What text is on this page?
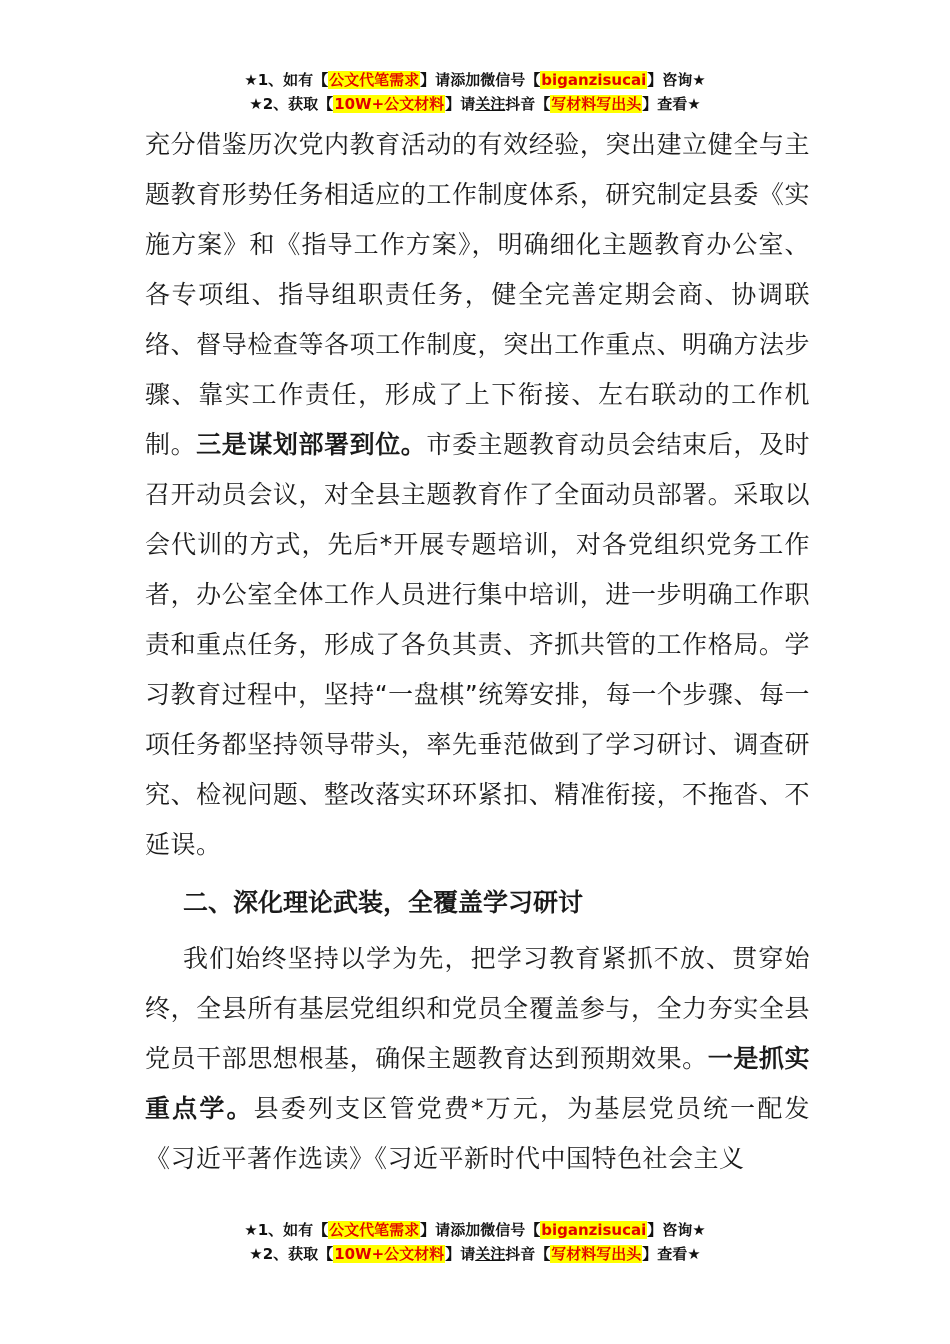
★1、如有【公文代笔需求】请添加微信号【biganzisucai】咨询★
★2、获取【10W+公文材料】请关注抖音【写材料写出头】查看★

充分借鉴历次党内教育活动的有效经验，突出建立健全与主题教育形势任务相适应的工作制度体系，研究制定县委《实施方案》和《指导工作方案》，明确细化主题教育办公室、各专项组、指导组职责任务，健全完善定期会商、协调联络、督导检查等各项工作制度，突出工作重点、明确方法步骤、靠实工作责任，形成了上下衔接、左右联动的工作机制。三是谋划部署到位。市委主题教育动员会结束后，及时召开动员会议，对全县主题教育作了全面动员部署。采取以会代训的方式，先后*开展专题培训，对各党组织党务工作者，办公室全体工作人员进行集中培训，进一步明确工作职责和重点任务，形成了各负其责、齐抓共管的工作格局。学习教育过程中，坚持“一盘棋”统筹安排，每一个步骤、每一项任务都坚持领导带头，率先垂范做到了学习研讨、调查研究、检视问题、整改落实环环紧扣、精准衔接，不拖沓、不延误。

二、深化理论武装，全覆盖学习研讨

我们始终坚持以学为先，把学习教育紧抓不放、贯穿始终，全县所有基层党组织和党员全覆盖参与，全力夯实全县党员干部思想根基，确保主题教育达到预期效果。一是抓实重点学。县委列支区管党费*万元，为基层党员统一配发《习近平著作选读》《习近平新时代中国特色社会主义

★1、如有【公文代笔需求】请添加微信号【biganzisucai】咨询★
★2、获取【10W+公文材料】请关注抖音【写材料写出头】查看★
